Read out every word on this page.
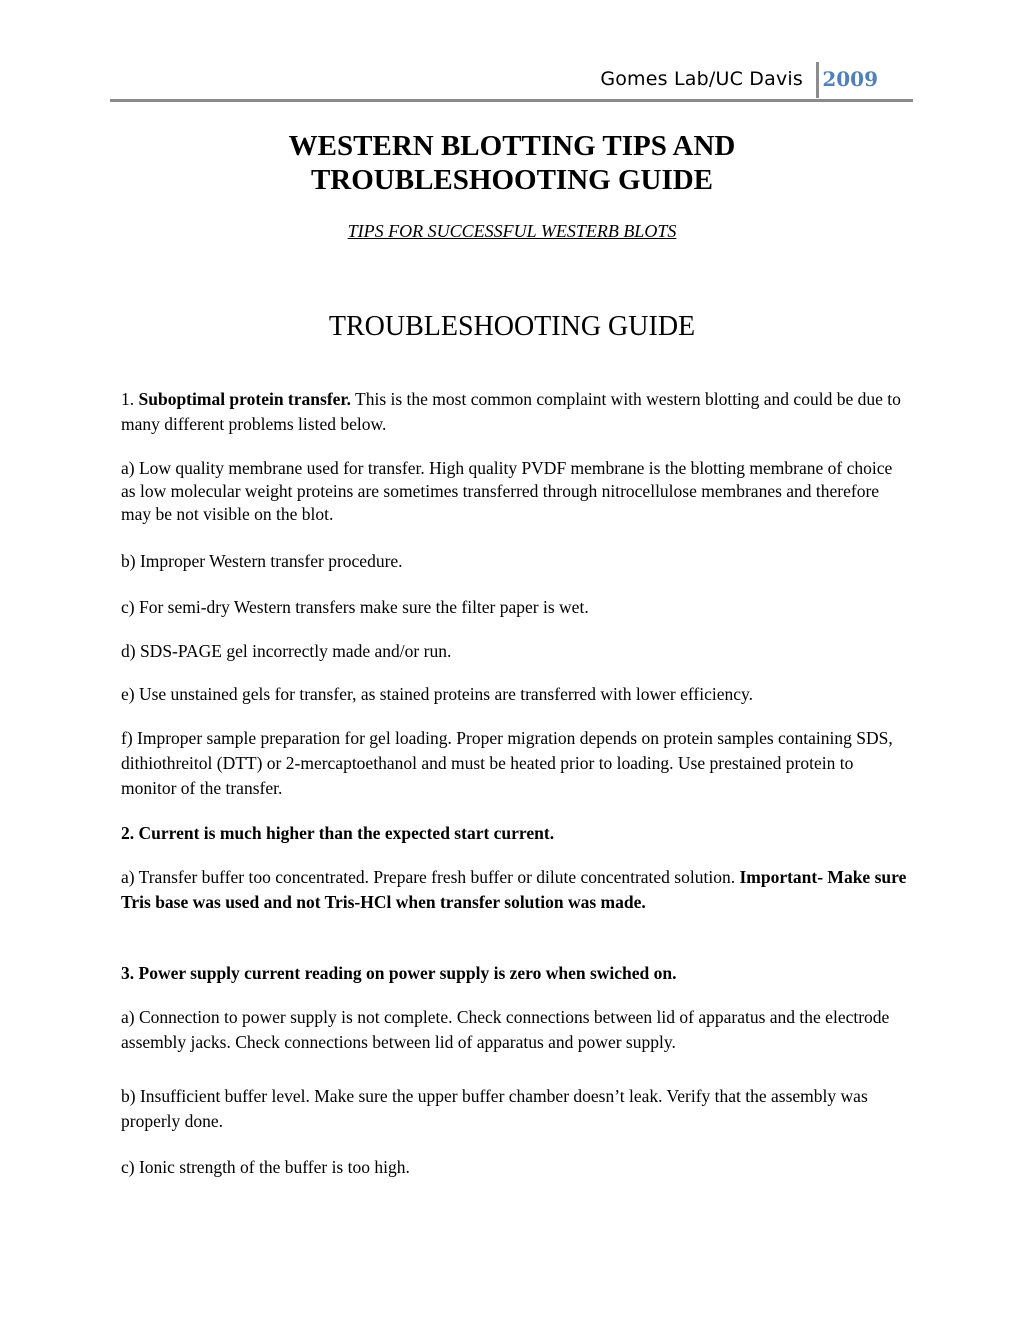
Gomes Lab/UC Davis 2009
WESTERN BLOTTING TIPS AND
TROUBLESHOOTING GUIDE
TIPS FOR SUCCESSFUL WESTERB BLOTS
TROUBLESHOOTING GUIDE

1. Suboptimal protein transfer. This is the most common complaint with western blotting and could be due to many different problems listed below.

a) Low quality membrane used for transfer. High quality PVDF membrane is the blotting membrane of choice as low molecular weight proteins are sometimes transferred through nitrocellulose membranes and therefore may be not visible on the blot.

b) Improper Western transfer procedure.

c) For semi-dry Western transfers make sure the filter paper is wet.

d) SDS-PAGE gel incorrectly made and/or run.

e) Use unstained gels for transfer, as stained proteins are transferred with lower efficiency.

f) Improper sample preparation for gel loading. Proper migration depends on protein samples containing SDS, dithiothreitol (DTT) or 2-mercaptoethanol and must be heated prior to loading. Use prestained protein to monitor of the transfer.

2. Current is much higher than the expected start current.

a) Transfer buffer too concentrated. Prepare fresh buffer or dilute concentrated solution. Important- Make sure Tris base was used and not Tris-HCl when transfer solution was made.

3. Power supply current reading on power supply is zero when swiched on.

a) Connection to power supply is not complete. Check connections between lid of apparatus and the electrode assembly jacks. Check connections between lid of apparatus and power supply.

b) Insufficient buffer level. Make sure the upper buffer chamber doesn’t leak. Verify that the assembly was properly done.

c) Ionic strength of the buffer is too high.
